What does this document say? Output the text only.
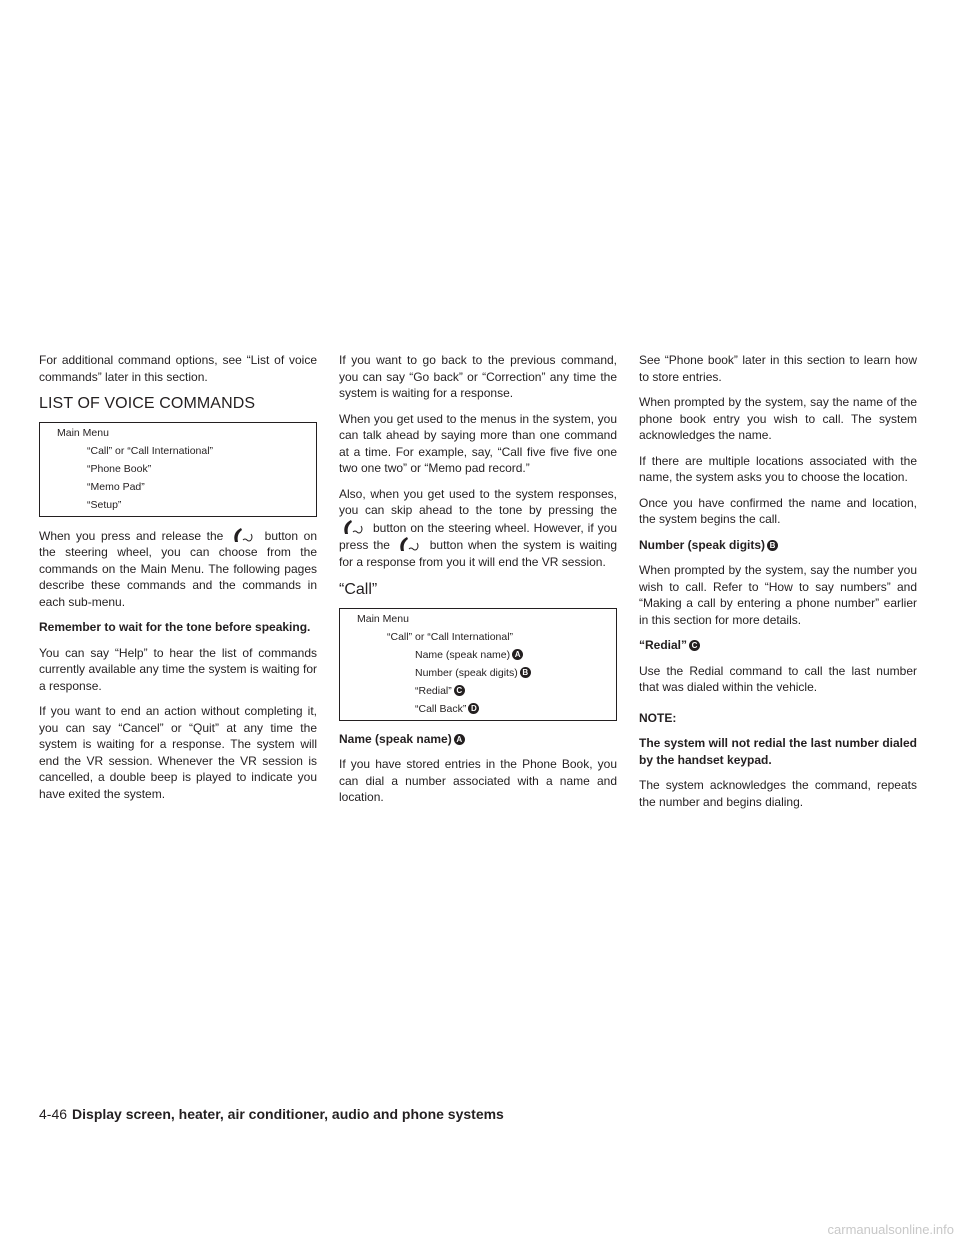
For additional command options, see “List of voice commands” later in this section.

LIST OF VOICE COMMANDS
Main Menu
“Call” or “Call International”
“Phone Book”
“Memo Pad”
“Setup”

When you press and release the	button on the steering wheel, you can choose from the commands on the Main Menu. The following pages describe these commands and the commands in each sub-menu.

Remember to wait for the tone before speaking.

You can say “Help” to hear the list of commands currently available any time the system is waiting for a response.

If you want to end an action without completing it, you can say “Cancel” or “Quit” at any time the system is waiting for a response. The system will end the VR session. Whenever the VR session is cancelled, a double beep is played to indicate you have exited the system.

If you want to go back to the previous command, you can say “Go back” or “Correction” any time the system is waiting for a response.

When you get used to the menus in the system, you can talk ahead by saying more than one command at a time. For example, say, “Call five five five one two one two” or “Memo pad record.”

Also, when you get used to the system responses, you can skip ahead to the tone by pressing the
button on the steering wheel. However, if you press the	button when the system is waiting for a response from you it will end the VR session.

“Call”
Main Menu
“Call” or “Call International”
Name (speak name) A
Number (speak digits) B
“Redial” C
“Call Back” D

Name (speak name) A

If you have stored entries in the Phone Book, you can dial a number associated with a name and location.

See “Phone book” later in this section to learn how to store entries.

When prompted by the system, say the name of the phone book entry you wish to call. The system acknowledges the name.

If there are multiple locations associated with the name, the system asks you to choose the location.

Once you have confirmed the name and location, the system begins the call.

Number (speak digits) B

When prompted by the system, say the number you wish to call. Refer to “How to say numbers” and “Making a call by entering a phone number” earlier in this section for more details.

“Redial” C

Use the Redial command to call the last number that was dialed within the vehicle.

NOTE:

The system will not redial the last number dialed by the handset keypad.

The system acknowledges the command, repeats the number and begins dialing.

4-46 Display screen, heater, air conditioner, audio and phone systems
carmanualsonline.info
